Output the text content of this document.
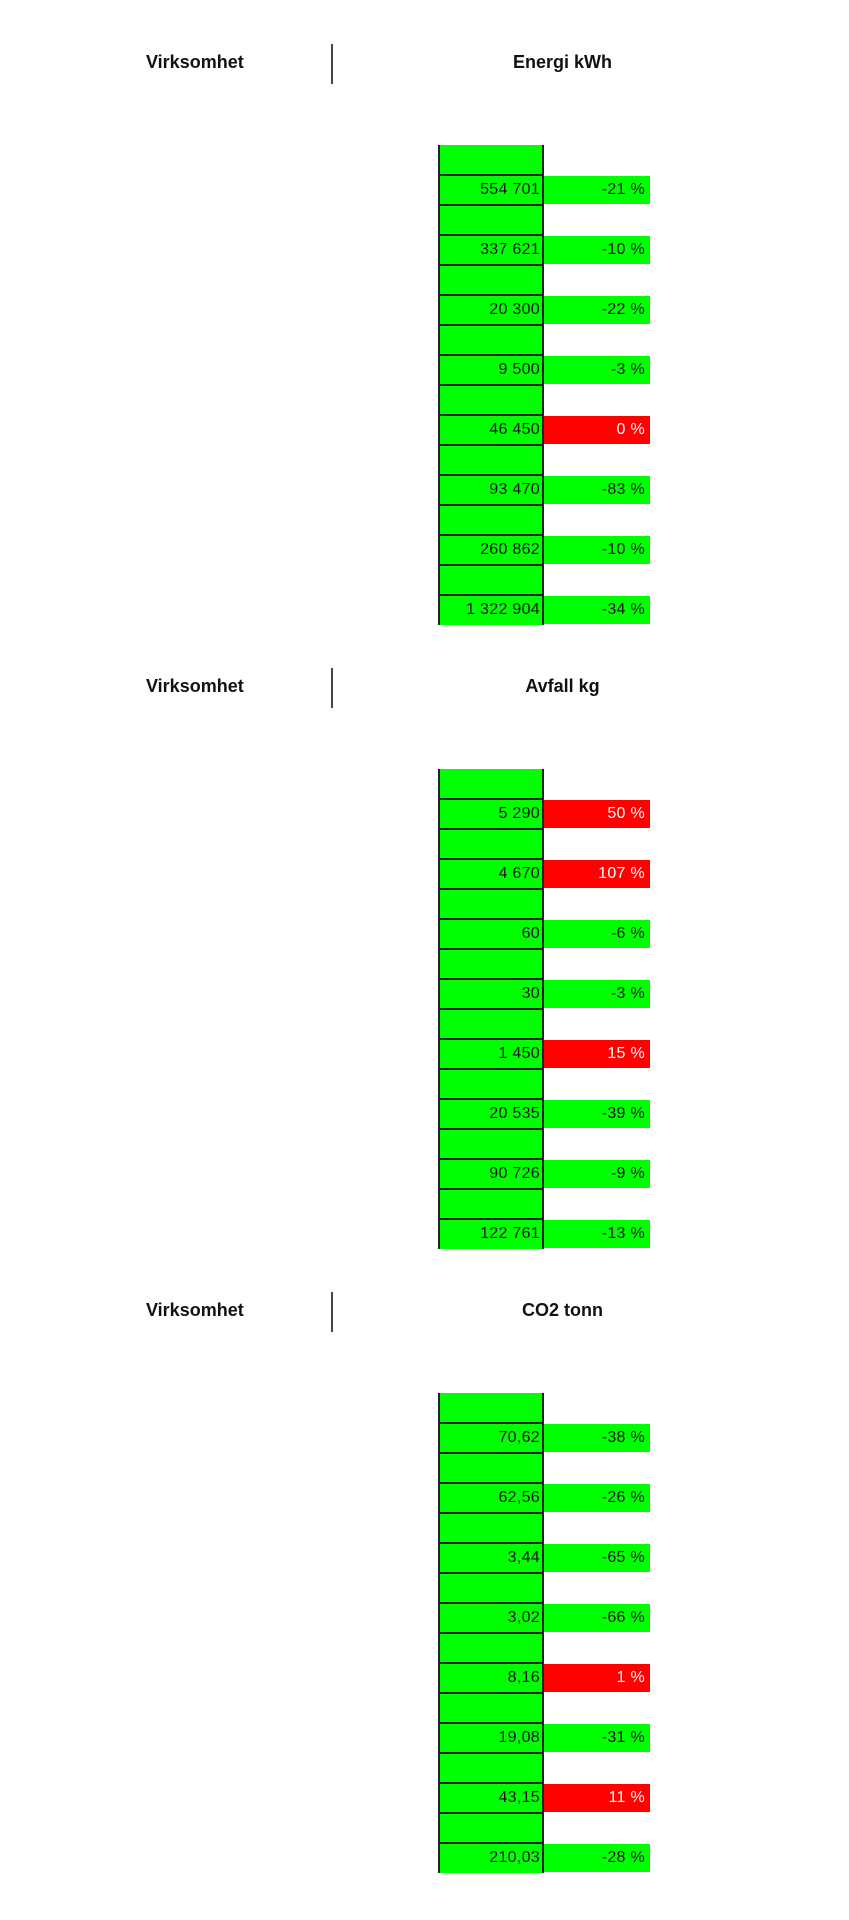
Virksomhet	Energi kWh
554 701	-21 %
337 621	-10 %
20 300	-22 %
9 500	-3 %
46 450	0 %
93 470	-83 %
260 862	-10 %
1 322 904	-34 %
Virksomhet	Avfall kg
5 290	50 %
4 670	107 %
60	-6 %
30	-3 %
1 450	15 %
20 535	-39 %
90 726	-9 %
122 761	-13 %
Virksomhet	CO2 tonn
70,62	-38 %
62,56	-26 %
3,44	-65 %
3,02	-66 %
8,16	1 %
19,08	-31 %
43,15	11 %
210,03	-28 %
